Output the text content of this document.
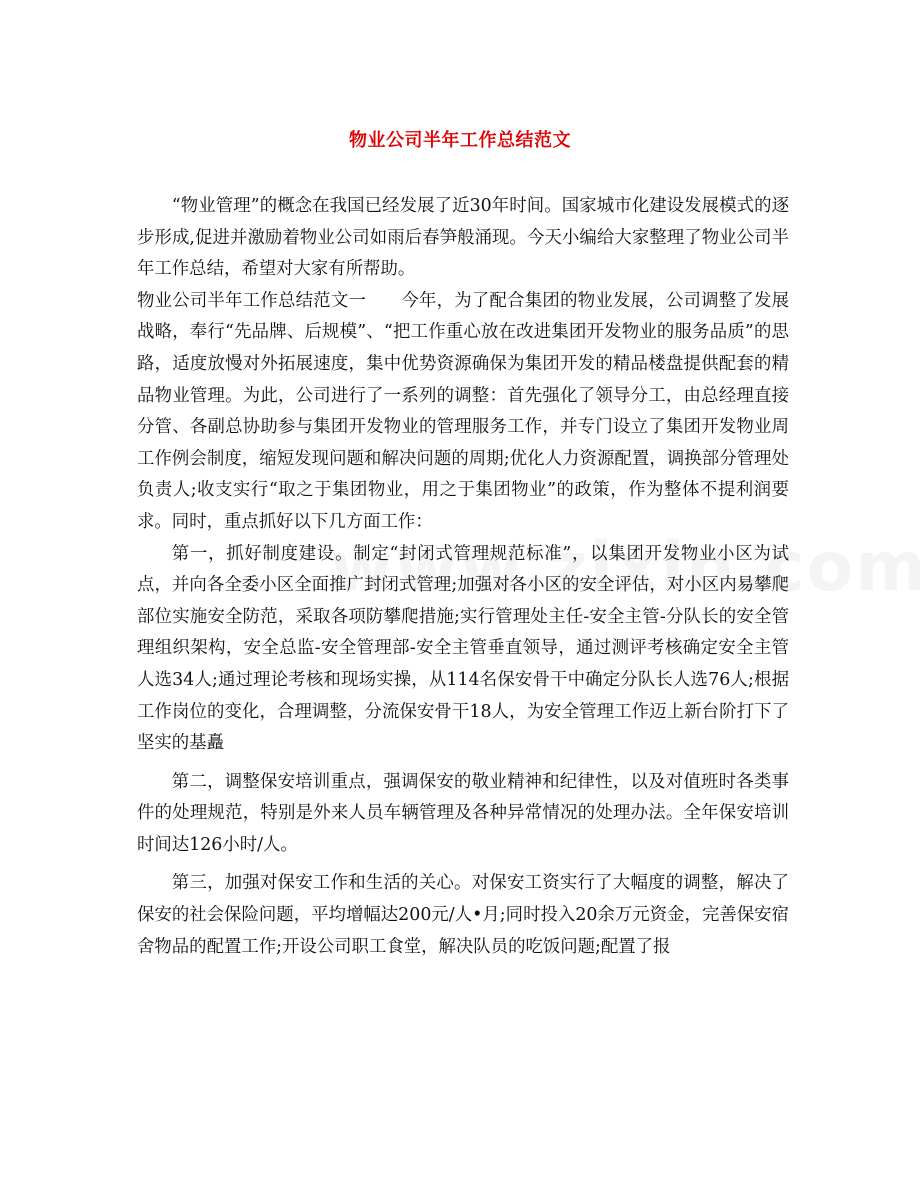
物业公司半年工作总结范文

“物业管理”的概念在我国已经发展了近30年时间。国家城市化建设发展模式的逐步形成,促进并激励着物业公司如雨后春笋般涌现。今天小编给大家整理了物业公司半年工作总结，希望对大家有所帮助。

物业公司半年工作总结范文一　　 今年，为了配合集团的物业发展，公司调整了发展战略，奉行“先品牌、后规模”、“把工作重心放在改进集团开发物业的服务品质”的思路，适度放慢对外拓展速度，集中优势资源确保为集团开发的精品楼盘提供配套的精品物业管理。为此，公司进行了一系列的调整：首先强化了领导分工，由总经理直接分管、各副总协助参与集团开发物业的管理服务工作，并专门设立了集团开发物业周工作例会制度，缩短发现问题和解决问题的周期;优化人力资源配置，调换部分管理处负责人;收支实行“取之于集团物业，用之于集团物业”的政策，作为整体不提利润要求。同时，重点抓好以下几方面工作：

第一，抓好制度建设。制定“封闭式管理规范标准”，以集团开发物业小区为试点，并向各全委小区全面推广封闭式管理;加强对各小区的安全评估，对小区内易攀爬部位实施安全防范，采取各项防攀爬措施;实行管理处主任-安全主管-分队长的安全管理组织架构，安全总监-安全管理部-安全主管垂直领导，通过测评考核确定安全主管人选34人;通过理论考核和现场实操，从114名保安骨干中确定分队长人选76人;根据工作岗位的变化，合理调整，分流保安骨干18人，为安全管理工作迈上新台阶打下了坚实的基矗

第二，调整保安培训重点，强调保安的敬业精神和纪律性，以及对值班时各类事件的处理规范，特别是外来人员车辆管理及各种异常情况的处理办法。全年保安培训时间达126小时/人。

第三，加强对保安工作和生活的关心。对保安工资实行了大幅度的调整，解决了保安的社会保险问题，平均增幅达200元/人•月;同时投入20余万元资金，完善保安宿舍物品的配置工作;开设公司职工食堂，解决队员的吃饭问题;配置了报
